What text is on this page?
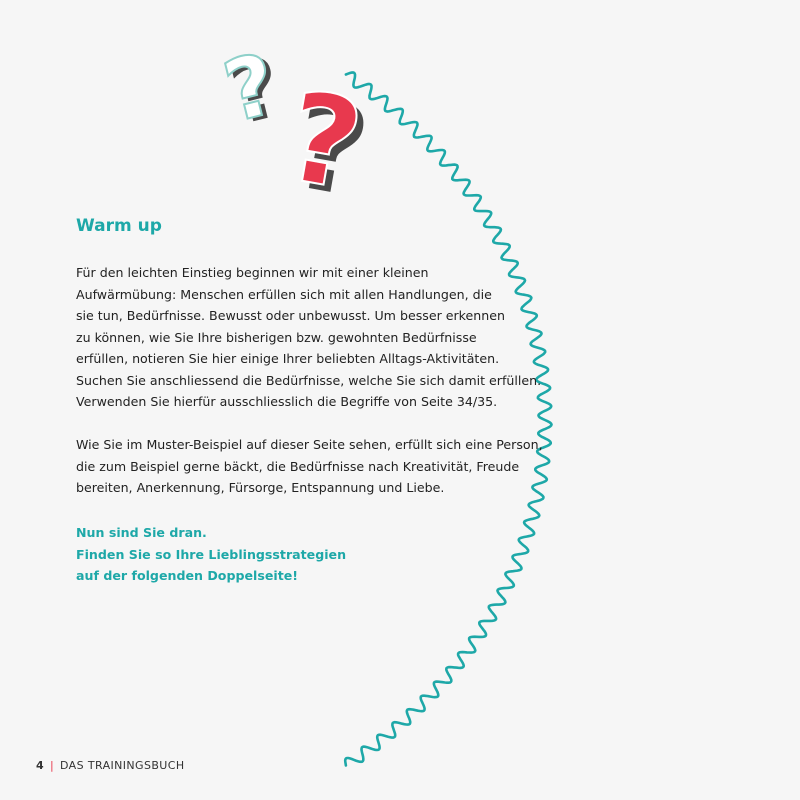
?
?
Warm up
Für den leichten Einstieg beginnen wir mit einer kleinen
Aufwärmübung: Menschen erfüllen sich mit allen Handlungen, die
sie tun, Bedürfnisse. Bewusst oder unbewusst. Um besser erkennen
zu können, wie Sie Ihre bisherigen bzw. gewohnten Bedürfnisse
erfüllen, notieren Sie hier einige Ihrer beliebten Alltags-Aktivitäten.
Suchen Sie anschliessend die Bedürfnisse, welche Sie sich damit erfüllen.
Verwenden Sie hierfür ausschliesslich die Begriffe von Seite 34/35.
Wie Sie im Muster-Beispiel auf dieser Seite sehen, erfüllt sich eine Person,
die zum Beispiel gerne bäckt, die Bedürfnisse nach Kreativität, Freude
bereiten, Anerkennung, Fürsorge, Entspannung und Liebe.
Nun sind Sie dran.
Finden Sie so Ihre Lieblingsstrategien
auf der folgenden Doppelseite!
4 | DAS TRAININGSBUCH
